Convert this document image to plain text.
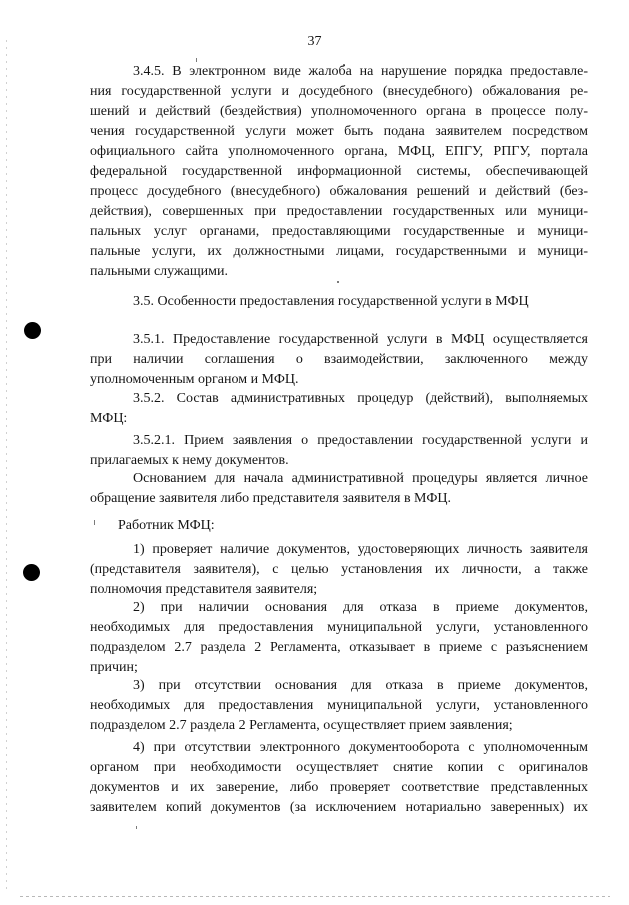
37
3.4.5. В электронном виде жалоба на нарушение порядка предоставле-
ния государственной услуги и досудебного (внесудебного) обжалования ре-
шений и действий (бездействия) уполномоченного органа в процессе полу-
чения государственной услуги может быть подана заявителем посредством
официального сайта уполномоченного органа, МФЦ, ЕПГУ, РПГУ, портала
федеральной государственной информационной системы, обеспечивающей
процесс досудебного (внесудебного) обжалования решений и действий (без-
действия), совершенных при предоставлении государственных или муници-
пальных услуг органами, предоставляющими государственные и муници-
пальные услуги, их должностными лицами, государственными и муници-
пальными служащими.
3.5. Особенности предоставления государственной услуги в МФЦ
3.5.1. Предоставление государственной услуги в МФЦ осуществляется
при наличии соглашения о взаимодействии, заключенного между
уполномоченным органом и МФЦ.
3.5.2. Состав административных процедур (действий), выполняемых
МФЦ:
3.5.2.1. Прием заявления о предоставлении государственной услуги и
прилагаемых к нему документов.
Основанием для начала административной процедуры является личное
обращение заявителя либо представителя заявителя в МФЦ.
Работник МФЦ:
1) проверяет наличие документов, удостоверяющих личность заявителя
(представителя заявителя), с целью установления их личности, а также
полномочия представителя заявителя;
2) при наличии основания для отказа в приеме документов,
необходимых для предоставления муниципальной услуги, установленного
подразделом 2.7 раздела 2 Регламента, отказывает в приеме с разъяснением
причин;
3) при отсутствии основания для отказа в приеме документов,
необходимых для предоставления муниципальной услуги, установленного
подразделом 2.7 раздела 2 Регламента, осуществляет прием заявления;
4) при отсутствии электронного документооборота с уполномоченным
органом при необходимости осуществляет снятие копии с оригиналов
документов и их заверение, либо проверяет соответствие представленных
заявителем копий документов (за исключением нотариально заверенных) их
